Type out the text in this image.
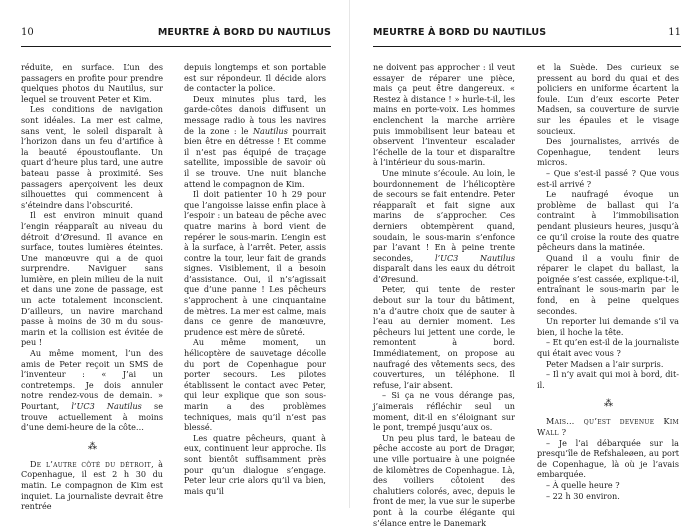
10	MEURTRE À BORD DU NAUTILUS

réduite, en surface. L’un des passagers en profite pour prendre quelques photos du Nautilus, sur lequel se trouvent Peter et Kim.

Les conditions de navigation sont idéales. La mer est calme, sans vent, le soleil disparaît à l’horizon dans un feu d’artifice à la beauté époustouflante. Un quart d’heure plus tard, une autre bateau passe à proximité. Ses passagers aperçoivent les deux silhouettes qui commencent à s’éteindre dans l’obscurité.

Il est environ minuit quand l’engin réapparaît au niveau du détroit d’Øresund. Il avance en surface, toutes lumières éteintes. Une manœuvre qui a de quoi surprendre. Naviguer sans lumière, en plein milieu de la nuit et dans une zone de passage, est un acte totalement inconscient. D’ailleurs, un navire marchand passe à moins de 30 m du sous-marin et la collision est évitée de peu !

Au même moment, l’un des amis de Peter reçoit un SMS de l’inventeur : « J’ai un contretemps. Je dois annuler notre rendez-vous de demain. » Pourtant, l’UC3 Nautilus se trouve actuellement à moins d’une demi-heure de la côte…

⁂

De l’autre côté du détroit, à Copenhague, il est 2 h 30 du matin. Le compagnon de Kim est inquiet. La journaliste devrait être rentrée

depuis longtemps et son portable est sur répondeur. Il décide alors de contacter la police.

Deux minutes plus tard, les garde-côtes danois diffusent un message radio à tous les navires de la zone : le Nautilus pourrait bien être en détresse ! Et comme il n’est pas équipé de traçage satellite, impossible de savoir où il se trouve. Une nuit blanche attend le compagnon de Kim.

Il doit patienter 10 h 29 pour que l’angoisse laisse enfin place à l’espoir : un bateau de pêche avec quatre marins à bord vient de repérer le sous-marin. L’engin est à la surface, à l’arrêt. Peter, assis contre la tour, leur fait de grands signes. Visiblement, il a besoin d’assistance. Oui, il n’s’agissait que d’une panne ! Les pêcheurs s’approchent à une cinquantaine de mètres. La mer est calme, mais dans ce genre de manœuvre, prudence est mère de sûreté.

Au même moment, un hélicoptère de sauvetage décolle du port de Copenhague pour porter secours. Les pilotes établissent le contact avec Peter, qui leur explique que son sous-marin a des problèmes techniques, mais qu’il n’est pas blessé.

Les quatre pêcheurs, quant à eux, continuent leur approche. Ils sont bientôt suffisamment près pour qu’un dialogue s’engage. Peter leur crie alors qu’il va bien, mais qu’il

MEURTRE À BORD DU NAUTILUS	11

ne doivent pas approcher : il veut essayer de réparer une pièce, mais ça peut être dangereux. « Restez à distance ! » hurle-t-il, les mains en porte-voix. Les hommes enclenchent la marche arrière puis immobilisent leur bateau et observent l’inventeur escalader l’échelle de la tour et disparaître à l’intérieur du sous-marin.

Une minute s’écoule. Au loin, le bourdonnement de l’hélicoptère de secours se fait entendre. Peter réapparaît et fait signe aux marins de s’approcher. Ces derniers obtempèrent quand, soudain, le sous-marin s’enfonce par l’avant ! En à peine trente secondes, l’UC3 Nautilus disparaît dans les eaux du détroit d’Øresund.

Peter, qui tente de rester debout sur la tour du bâtiment, n’a d’autre choix que de sauter à l’eau au dernier moment. Les pêcheurs lui jettent une corde, le remontent à bord. Immédiatement, on propose au naufragé des vêtements secs, des couvertures, un téléphone. Il refuse, l’air absent.

– Si ça ne vous dérange pas, j’aimerais réfléchir seul un moment, dit-il en s’éloignant sur le pont, trempé jusqu’aux os.

Un peu plus tard, le bateau de pêche accoste au port de Dragør, une ville portuaire à une poignée de kilomètres de Copenhague. Là, des voiliers côtoient des chalutiers colorés, avec, depuis le front de mer, la vue sur le superbe pont à la courbe élégante qui s’élance entre le Danemark

et la Suède. Des curieux se pressent au bord du quai et des policiers en uniforme écartent la foule. L’un d’eux escorte Peter Madsen, sa couverture de survie sur les épaules et le visage soucieux.

Des journalistes, arrivés de Copenhague, tendent leurs micros.

– Que s’est-il passé ? Que vous est-il arrivé ?

Le naufragé évoque un problème de ballast qui l’a contraint à l’immobilisation pendant plusieurs heures, jusqu’à ce qu’il croise la route des quatre pêcheurs dans la matinée.

Quand il a voulu finir de réparer le clapet du ballast, la poignée s’est cassée, explique-t-il, entraînant le sous-marin par le fond, en à peine quelques secondes.

Un reporter lui demande s’il va bien, il hoche la tête.

– Et qu’en est-il de la journaliste qui était avec vous ?

Peter Madsen a l’air surpris.

– Il n’y avait qui moi à bord, dit-il.

⁂

Mais… qu’est devenue Kim Wall ?

– Je l’ai débarquée sur la presqu’île de Refshaleøen, au port de Copenhague, là où je l’avais embarquée.

– À quelle heure ?

– 22 h 30 environ.
